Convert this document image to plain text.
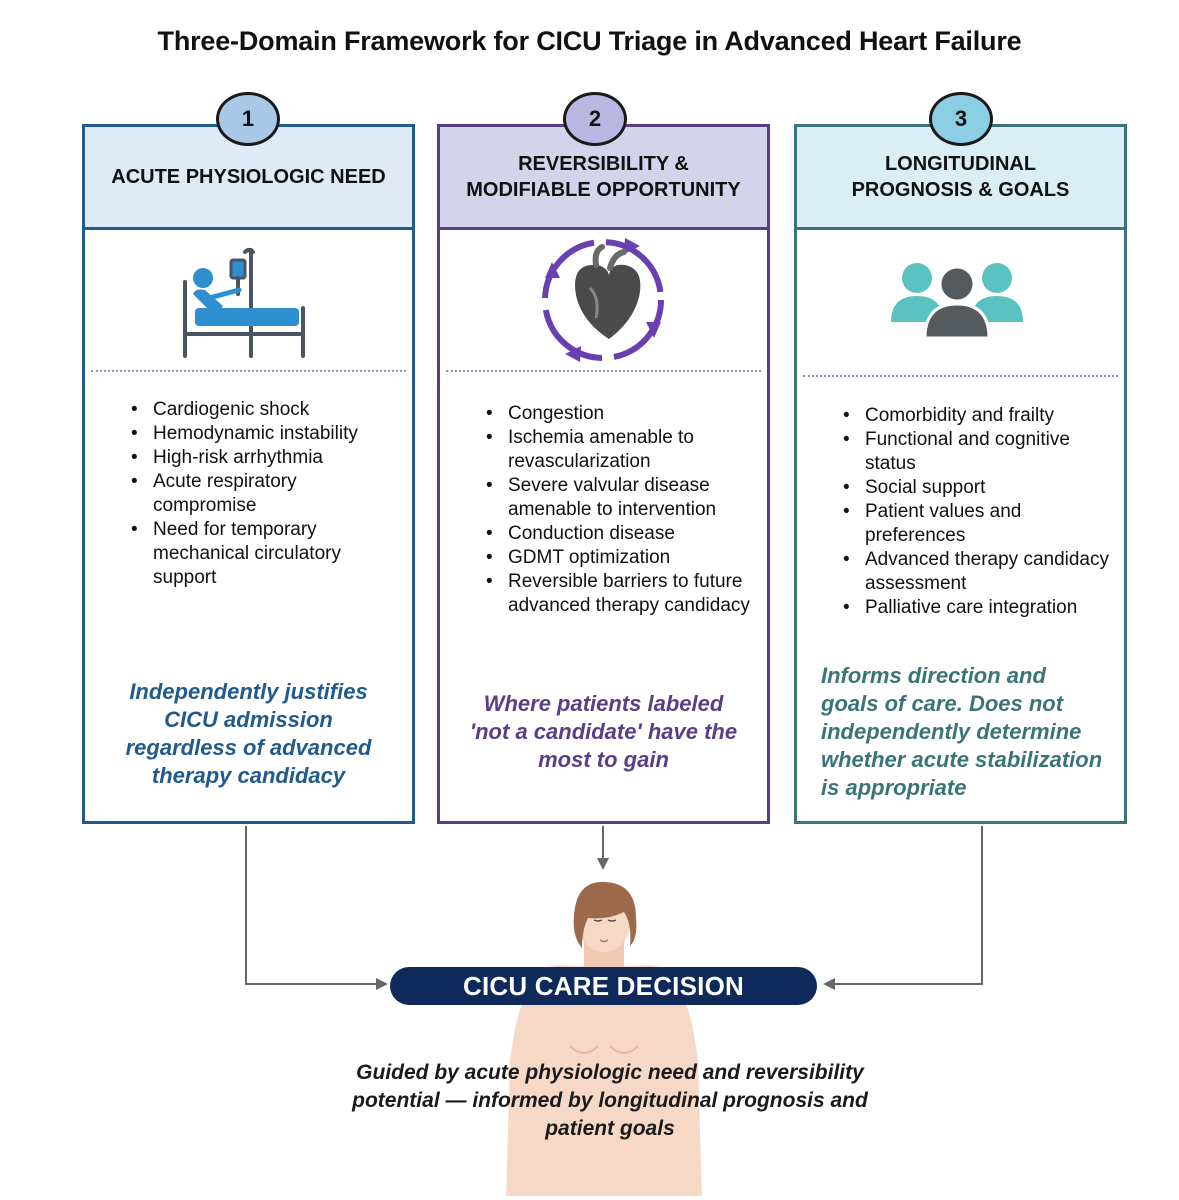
Three-Domain Framework for CICU Triage in Advanced Heart Failure
1
ACUTE PHYSIOLOGIC NEED
• Cardiogenic shock
• Hemodynamic instability
• High-risk arrhythmia
• Acute respiratory compromise
• Need for temporary mechanical circulatory support
Independently justifies CICU admission regardless of advanced therapy candidacy
2
REVERSIBILITY &
MODIFIABLE OPPORTUNITY
• Congestion
• Ischemia amenable to revascularization
• Severe valvular disease amenable to intervention
• Conduction disease
• GDMT optimization
• Reversible barriers to future advanced therapy candidacy
Where patients labeled 'not a candidate' have the most to gain
3
LONGITUDINAL
PROGNOSIS & GOALS
• Comorbidity and frailty
• Functional and cognitive status
• Social support
• Patient values and preferences
• Advanced therapy candidacy assessment
• Palliative care integration
Informs direction and goals of care. Does not independently determine whether acute stabilization is appropriate
CICU CARE DECISION
Guided by acute physiologic need and reversibility potential — informed by longitudinal prognosis and patient goals
